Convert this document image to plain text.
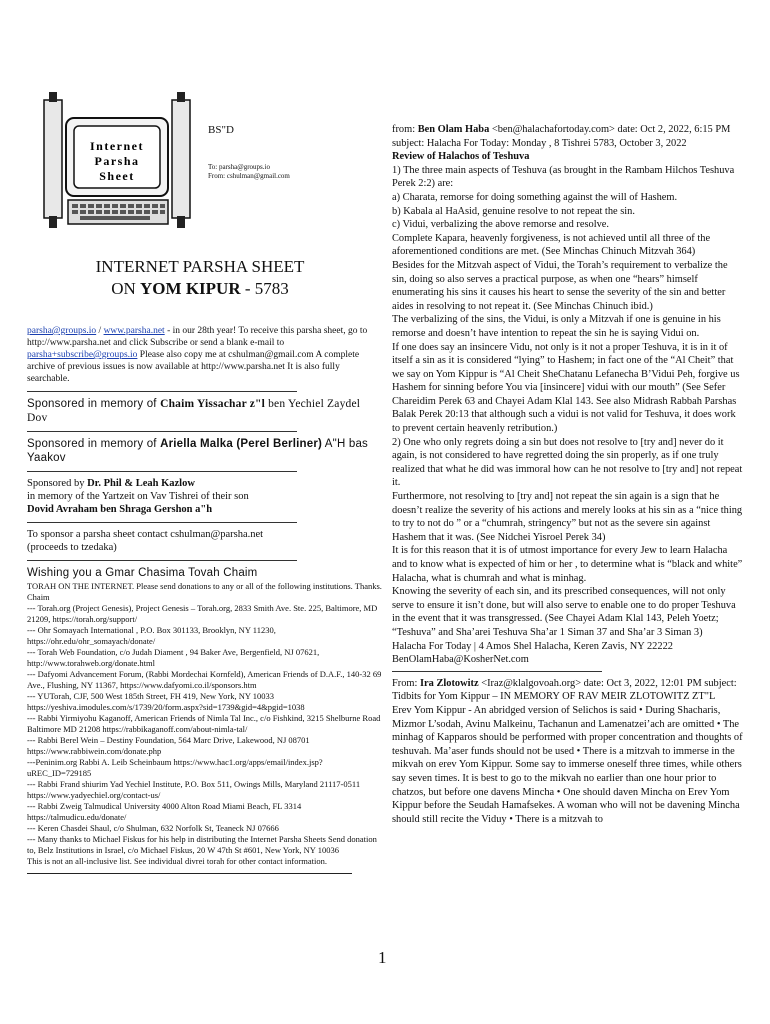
Internet
Parsha
Sheet
BS"D
To: parsha@groups.io
From: cshulman@gmail.com
INTERNET PARSHA SHEET
ON YOM KIPUR - 5783

parsha@groups.io / www.parsha.net - in our 28th year! To receive this parsha sheet, go to http://www.parsha.net and click Subscribe or send a blank e-mail to parsha+subscribe@groups.io Please also copy me at cshulman@gmail.com A complete archive of previous issues is now available at http://www.parsha.net It is also fully searchable.

Sponsored in memory of Chaim Yissachar z"l ben Yechiel Zaydel Dov
Sponsored in memory of Ariella Malka (Perel Berliner) A"H bas Yaakov
Sponsored by Dr. Phil & Leah Kazlow
in memory of the Yartzeit on Vav Tishrei of their son
Dovid Avraham ben Shraga Gershon a"h
To sponsor a parsha sheet contact cshulman@parsha.net
(proceeds to tzedaka)
Wishing you a Gmar Chasima Tovah Chaim
TORAH ON THE INTERNET. Please send donations to any or all of the following institutions. Thanks. Chaim
--- Torah.org (Project Genesis), Project Genesis – Torah.org, 2833 Smith Ave. Ste. 225, Baltimore, MD 21209, https://torah.org/support/
--- Ohr Somayach International , P.O. Box 301133, Brooklyn, NY 11230, https://ohr.edu/ohr_somayach/donate/
--- Torah Web Foundation, c/o Judah Diament , 94 Baker Ave, Bergenfield, NJ 07621, http://www.torahweb.org/donate.html
--- Dafyomi Advancement Forum, (Rabbi Mordechai Kornfeld), American Friends of D.A.F., 140-32 69 Ave., Flushing, NY 11367, https://www.dafyomi.co.il/sponsors.htm
--- YUTorah, CJF, 500 West 185th Street, FH 419, New York, NY 10033 https://yeshiva.imodules.com/s/1739/20/form.aspx?sid=1739&gid=4&pgid=1038
--- Rabbi Yirmiyohu Kaganoff, American Friends of Nimla Tal Inc., c/o Fishkind, 3215 Shelburne Road Baltimore MD 21208 https://rabbikaganoff.com/about-nimla-tal/
--- Rabbi Berel Wein – Destiny Foundation, 564 Marc Drive, Lakewood, NJ 08701 https://www.rabbiwein.com/donate.php
---Peninim.org Rabbi A. Leib Scheinbaum https://www.hac1.org/apps/email/index.jsp?uREC_ID=729185
--- Rabbi Frand shiurim Yad Yechiel Institute, P.O. Box 511, Owings Mills, Maryland 21117-0511 https://www.yadyechiel.org/contact-us/
--- Rabbi Zweig Talmudical University 4000 Alton Road Miami Beach, FL 3314 https://talmudicu.edu/donate/
--- Keren Chasdei Shaul, c/o Shulman, 632 Norfolk St, Teaneck NJ 07666
--- Many thanks to Michael Fiskus for his help in distributing the Internet Parsha Sheets Send donation to, Belz Institutions in Israel, c/o Michael Fiskus, 20 W 47th St #601, New York, NY 10036
This is not an all-inclusive list. See individual divrei torah for other contact information.

from: Ben Olam Haba <ben@halachafortoday.com> date: Oct 2, 2022, 6:15 PM subject: Halacha For Today: Monday , 8 Tishrei 5783, October 3, 2022

Review of Halachos of Teshuva

1) The three main aspects of Teshuva (as brought in the Rambam Hilchos Teshuva Perek 2:2) are:

a) Charata, remorse for doing something against the will of Hashem.

b) Kabala al HaAsid, genuine resolve to not repeat the sin.

c) Vidui, verbalizing the above remorse and resolve.

Complete Kapara, heavenly forgiveness, is not achieved until all three of the aforementioned conditions are met. (See Minchas Chinuch Mitzvah 364)

Besides for the Mitzvah aspect of Vidui, the Torah’s requirement to verbalize the sin, doing so also serves a practical purpose, as when one “hears” himself enumerating his sins it causes his heart to sense the severity of the sin and better aides in resolving to not repeat it. (See Minchas Chinuch ibid.)

The verbalizing of the sins, the Vidui, is only a Mitzvah if one is genuine in his remorse and doesn’t have intention to repeat the sin he is saying Vidui on.

If one does say an insincere Vidu, not only is it not a proper Teshuva, it is in it of itself a sin as it is considered “lying” to Hashem; in fact one of the “Al Cheit” that we say on Yom Kippur is “Al Cheit SheChatanu Lefanecha B’Vidui Peh, forgive us Hashem for sinning before You via [insincere] vidui with our mouth” (See Sefer Chareidim Perek 63 and Chayei Adam Klal 143. See also Midrash Rabbah Parshas Balak Perek 20:13 that although such a vidui is not valid for Teshuva, it does work to prevent certain heavenly retribution.)

2) One who only regrets doing a sin but does not resolve to [try and] never do it again, is not considered to have regretted doing the sin properly, as if one truly realized that what he did was immoral how can he not resolve to [try and] not repeat it.

Furthermore, not resolving to [try and] not repeat the sin again is a sign that he doesn’t realize the severity of his actions and merely looks at his sin as a “nice thing to try to not do ” or a “chumrah, stringency” but not as the severe sin against Hashem that it was. (See Nidchei Yisroel Perek 34)

It is for this reason that it is of utmost importance for every Jew to learn Halacha and to know what is expected of him or her , to determine what is “black and white” Halacha, what is chumrah and what is minhag.

Knowing the severity of each sin, and its prescribed consequences, will not only serve to ensure it isn’t done, but will also serve to enable one to do proper Teshuva in the event that it was transgressed. (See Chayei Adam Klal 143, Peleh Yoetz; “Teshuva” and Sha’arei Teshuva Sha’ar 1 Siman 37 and Sha’ar 3 Siman 3)

Halacha For Today | 4 Amos Shel Halacha, Keren Zavis, NY 22222 BenOlamHaba@KosherNet.com

From: Ira Zlotowitz <Iraz@klalgovoah.org> date: Oct 3, 2022, 12:01 PM subject: Tidbits for Yom Kippur – IN MEMORY OF RAV MEIR ZLOTOWITZ ZT"L

Erev Yom Kippur - An abridged version of Selichos is said • During Shacharis, Mizmor L’sodah, Avinu Malkeinu, Tachanun and Lamenatzei’ach are omitted • The minhag of Kapparos should be performed with proper concentration and thoughts of teshuvah. Ma’aser funds should not be used • There is a mitzvah to immerse in the mikvah on erev Yom Kippur. Some say to immerse oneself three times, while others say seven times. It is best to go to the mikvah no earlier than one hour prior to chatzos, but before one davens Mincha • One should daven Mincha on Erev Yom Kippur before the Seudah Hamafsekes. A woman who will not be davening Mincha should still recite the Viduy • There is a mitzvah to

1
